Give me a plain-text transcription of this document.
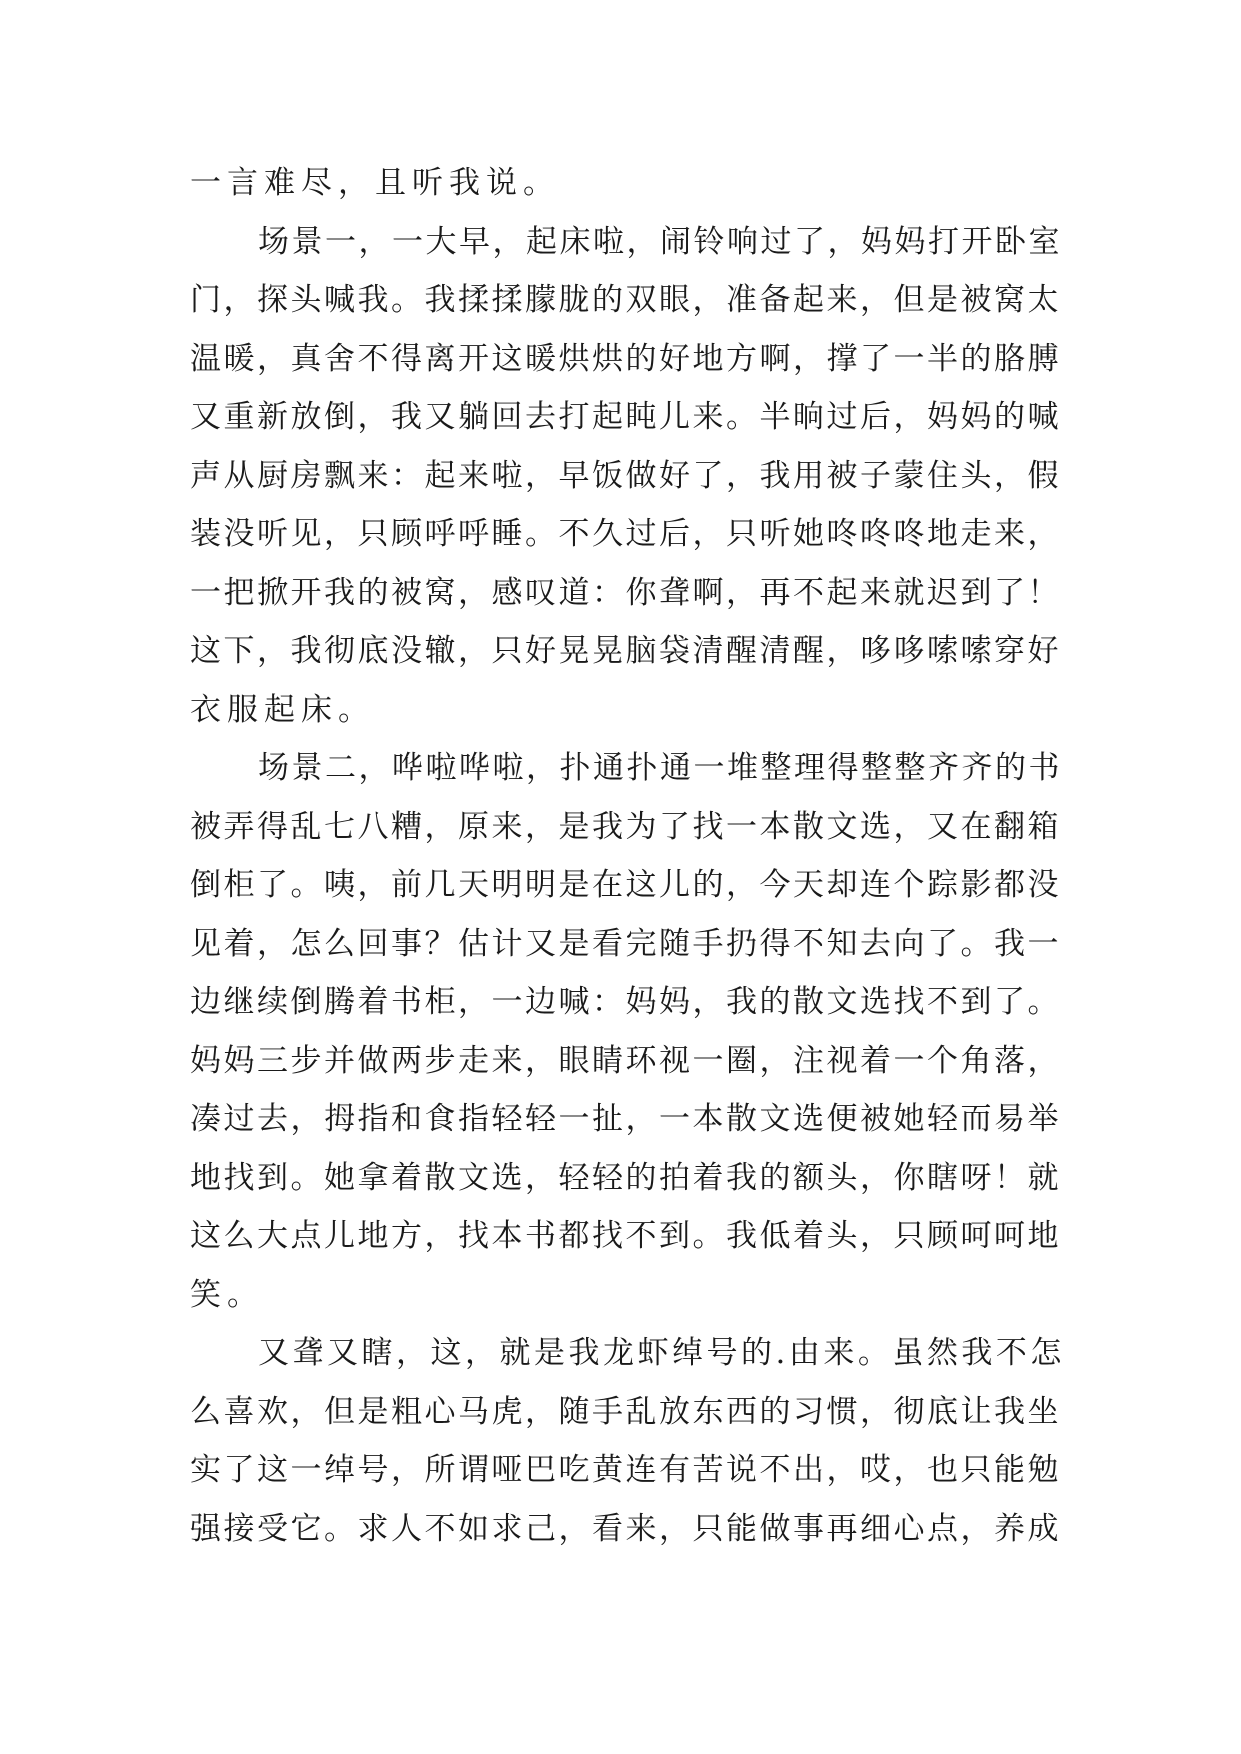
一言难尽，且听我说。
场景一，一大早，起床啦，闹铃响过了，妈妈打开卧室
门，探头喊我。我揉揉朦胧的双眼，准备起来，但是被窝太
温暖，真舍不得离开这暖烘烘的好地方啊，撑了一半的胳膊
又重新放倒，我又躺回去打起盹儿来。半晌过后，妈妈的喊
声从厨房飘来：起来啦，早饭做好了，我用被子蒙住头，假
装没听见，只顾呼呼睡。不久过后，只听她咚咚咚地走来，
一把掀开我的被窝，感叹道：你聋啊，再不起来就迟到了！
这下，我彻底没辙，只好晃晃脑袋清醒清醒，哆哆嗦嗦穿好
衣服起床。
场景二，哗啦哗啦，扑通扑通一堆整理得整整齐齐的书
被弄得乱七八糟，原来，是我为了找一本散文选，又在翻箱
倒柜了。咦，前几天明明是在这儿的，今天却连个踪影都没
见着，怎么回事？估计又是看完随手扔得不知去向了。我一
边继续倒腾着书柜，一边喊：妈妈，我的散文选找不到了。
妈妈三步并做两步走来，眼睛环视一圈，注视着一个角落，
凑过去，拇指和食指轻轻一扯，一本散文选便被她轻而易举
地找到。她拿着散文选，轻轻的拍着我的额头，你瞎呀！就
这么大点儿地方，找本书都找不到。我低着头，只顾呵呵地
笑。
又聋又瞎，这，就是我龙虾绰号的.由来。虽然我不怎
么喜欢，但是粗心马虎，随手乱放东西的习惯，彻底让我坐
实了这一绰号，所谓哑巴吃黄连有苦说不出，哎，也只能勉
强接受它。求人不如求己，看来，只能做事再细心点，养成
